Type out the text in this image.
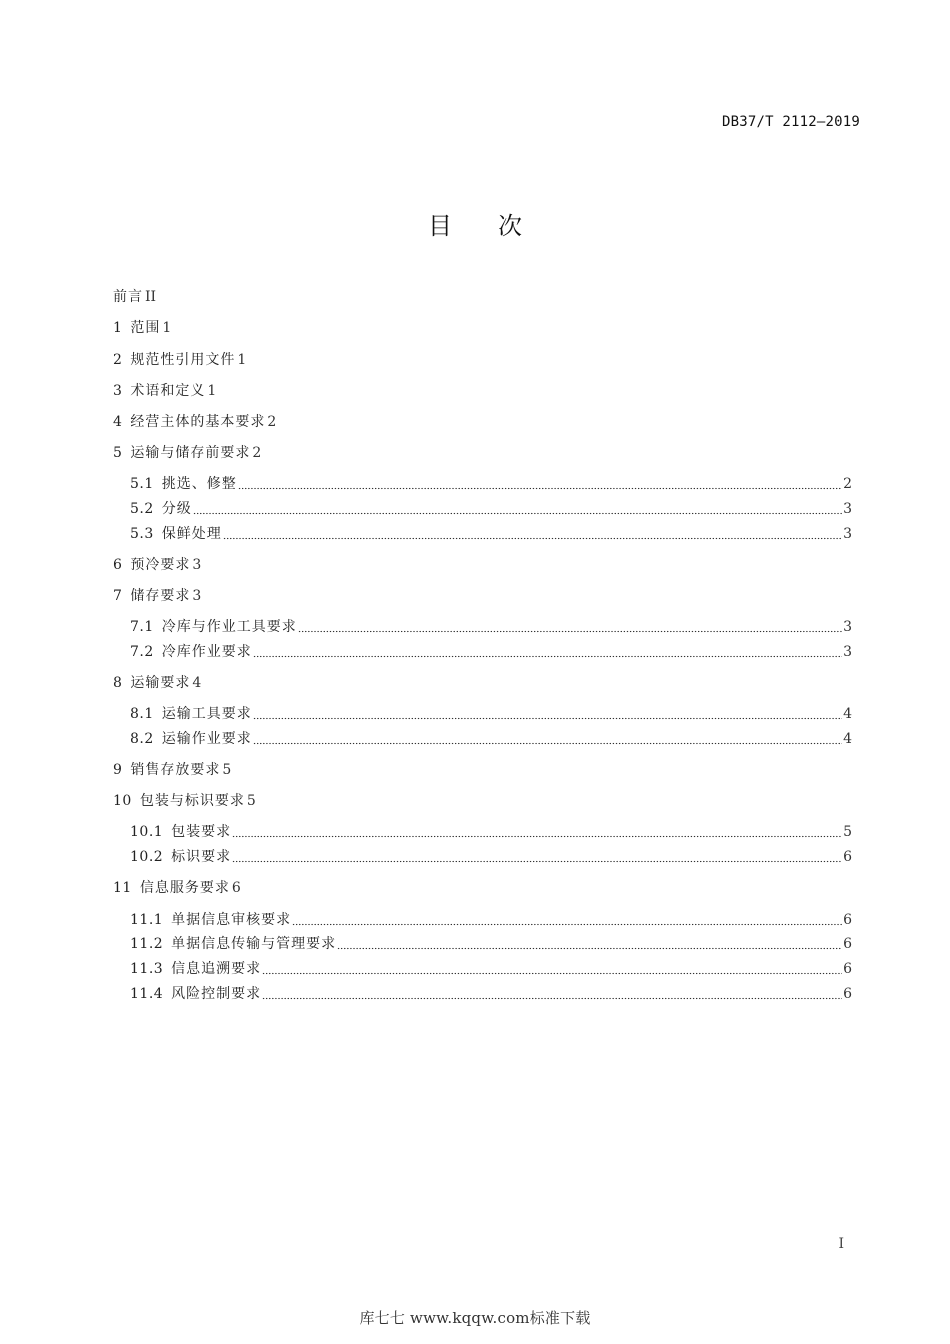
DB37/T 2112—2019
目 次
前言 II
1 范围 1
2 规范性引用文件 1
3 术语和定义 1
4 经营主体的基本要求 2
5 运输与储存前要求 2
5.1 挑选、修整	2
5.2 分级	3
5.3 保鲜处理	3
6 预冷要求 3
7 储存要求 3
7.1 冷库与作业工具要求	3
7.2 冷库作业要求	3
8 运输要求 4
8.1 运输工具要求	4
8.2 运输作业要求	4
9 销售存放要求 5
10 包装与标识要求 5
10.1 包装要求	5
10.2 标识要求	6
11 信息服务要求 6
11.1 单据信息审核要求	6
11.2 单据信息传输与管理要求	6
11.3 信息追溯要求	6
11.4 风险控制要求	6
I
库七七 www.kqqw.com标准下载
